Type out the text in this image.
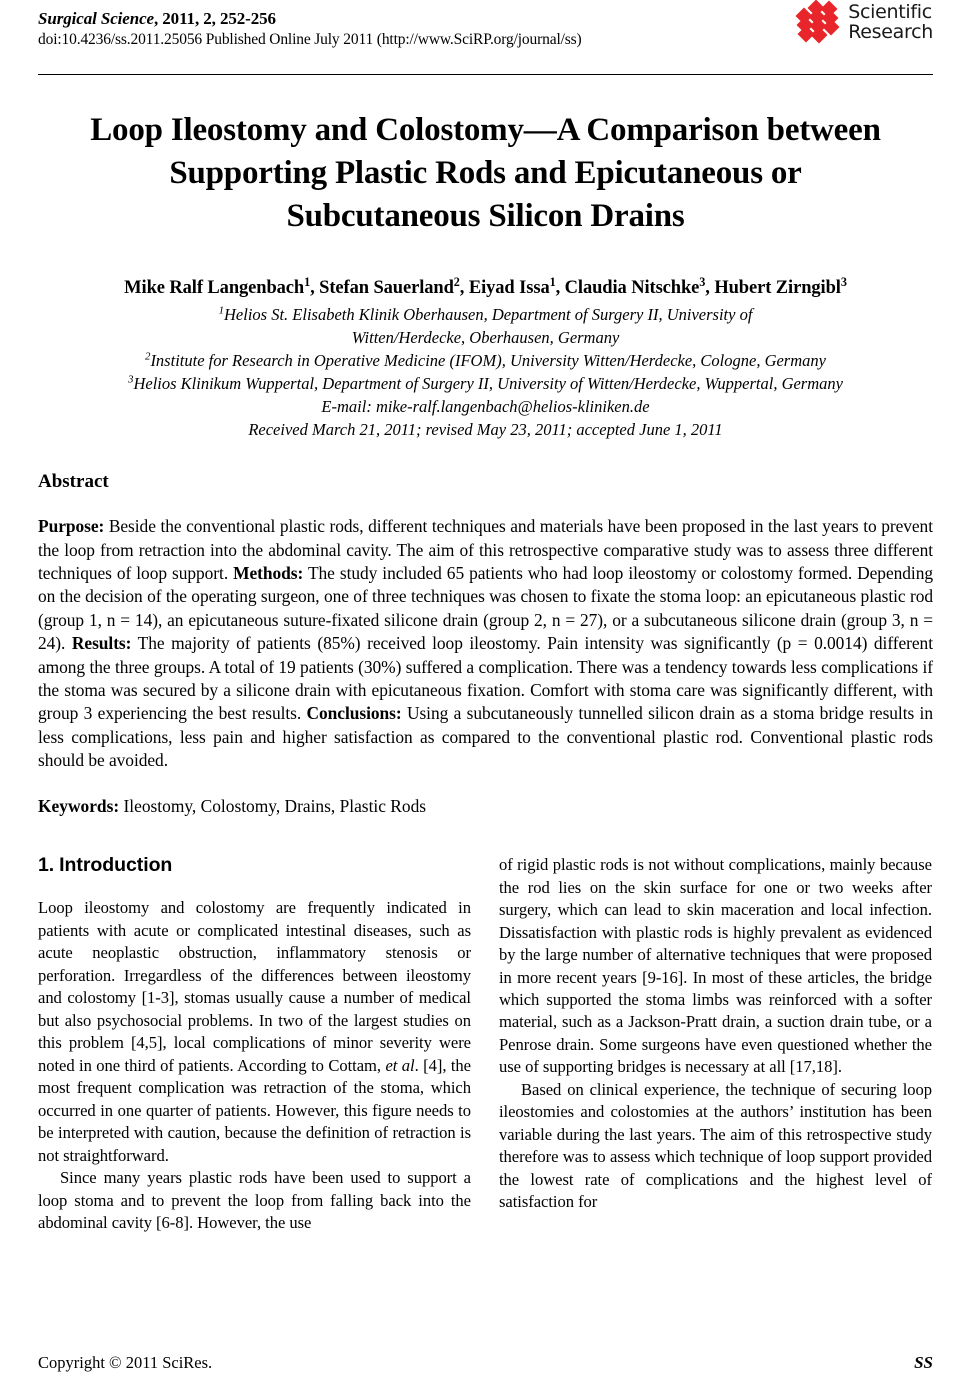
Surgical Science, 2011, 2, 252-256
doi:10.4236/ss.2011.25056 Published Online July 2011 (http://www.SciRP.org/journal/ss)
Scientific
Research
Loop Ileostomy and Colostomy—A Comparison between Supporting Plastic Rods and Epicutaneous or Subcutaneous Silicon Drains
Mike Ralf Langenbach$^1$, Stefan Sauerland$^2$, Eiyad Issa$^1$, Claudia Nitschke$^3$, Hubert Zirngibl$^3$
$^1$Helios St. Elisabeth Klinik Oberhausen, Department of Surgery II, University of
Witten/Herdecke, Oberhausen, Germany
$^2$Institute for Research in Operative Medicine (IFOM), University Witten/Herdecke, Cologne, Germany
$^3$Helios Klinikum Wuppertal, Department of Surgery II, University of Witten/Herdecke, Wuppertal, Germany
E-mail: mike-ralf.langenbach@helios-kliniken.de
Received March 21, 2011; revised May 23, 2011; accepted June 1, 2011
Abstract
Purpose: Beside the conventional plastic rods, different techniques and materials have been proposed in the last years to prevent the loop from retraction into the abdominal cavity. The aim of this retrospective comparative study was to assess three different techniques of loop support. Methods: The study included 65 patients who had loop ileostomy or colostomy formed. Depending on the decision of the operating surgeon, one of three techniques was chosen to fixate the stoma loop: an epicutaneous plastic rod (group 1, n = 14), an epicutaneous suture-fixated silicone drain (group 2, n = 27), or a subcutaneous silicone drain (group 3, n = 24). Results: The majority of patients (85%) received loop ileostomy. Pain intensity was significantly (p = 0.0014) different among the three groups. A total of 19 patients (30%) suffered a complication. There was a tendency towards less complications if the stoma was secured by a silicone drain with epicutaneous fixation. Comfort with stoma care was significantly different, with group 3 experiencing the best results. Conclusions: Using a subcutaneously tunnelled silicon drain as a stoma bridge results in less complications, less pain and higher satisfaction as compared to the conventional plastic rod. Conventional plastic rods should be avoided.
Keywords: Ileostomy, Colostomy, Drains, Plastic Rods
1. Introduction

Loop ileostomy and colostomy are frequently indicated in patients with acute or complicated intestinal diseases, such as acute neoplastic obstruction, inflammatory stenosis or perforation. Irregardless of the differences between ileostomy and colostomy [1-3], stomas usually cause a number of medical but also psychosocial problems. In two of the largest studies on this problem [4,5], local complications of minor severity were noted in one third of patients. According to Cottam, et al. [4], the most frequent complication was retraction of the stoma, which occurred in one quarter of patients. However, this figure needs to be interpreted with caution, because the definition of retraction is not straightforward.

Since many years plastic rods have been used to support a loop stoma and to prevent the loop from falling back into the abdominal cavity [6-8]. However, the use

of rigid plastic rods is not without complications, mainly because the rod lies on the skin surface for one or two weeks after surgery, which can lead to skin maceration and local infection. Dissatisfaction with plastic rods is highly prevalent as evidenced by the large number of alternative techniques that were proposed in more recent years [9-16]. In most of these articles, the bridge which supported the stoma limbs was reinforced with a softer material, such as a Jackson-Pratt drain, a suction drain tube, or a Penrose drain. Some surgeons have even questioned whether the use of supporting bridges is necessary at all [17,18].

Based on clinical experience, the technique of securing loop ileostomies and colostomies at the authors’ institution has been variable during the last years. The aim of this retrospective study therefore was to assess which technique of loop support provided the lowest rate of complications and the highest level of satisfaction for

Copyright © 2011 SciRes.	SS
